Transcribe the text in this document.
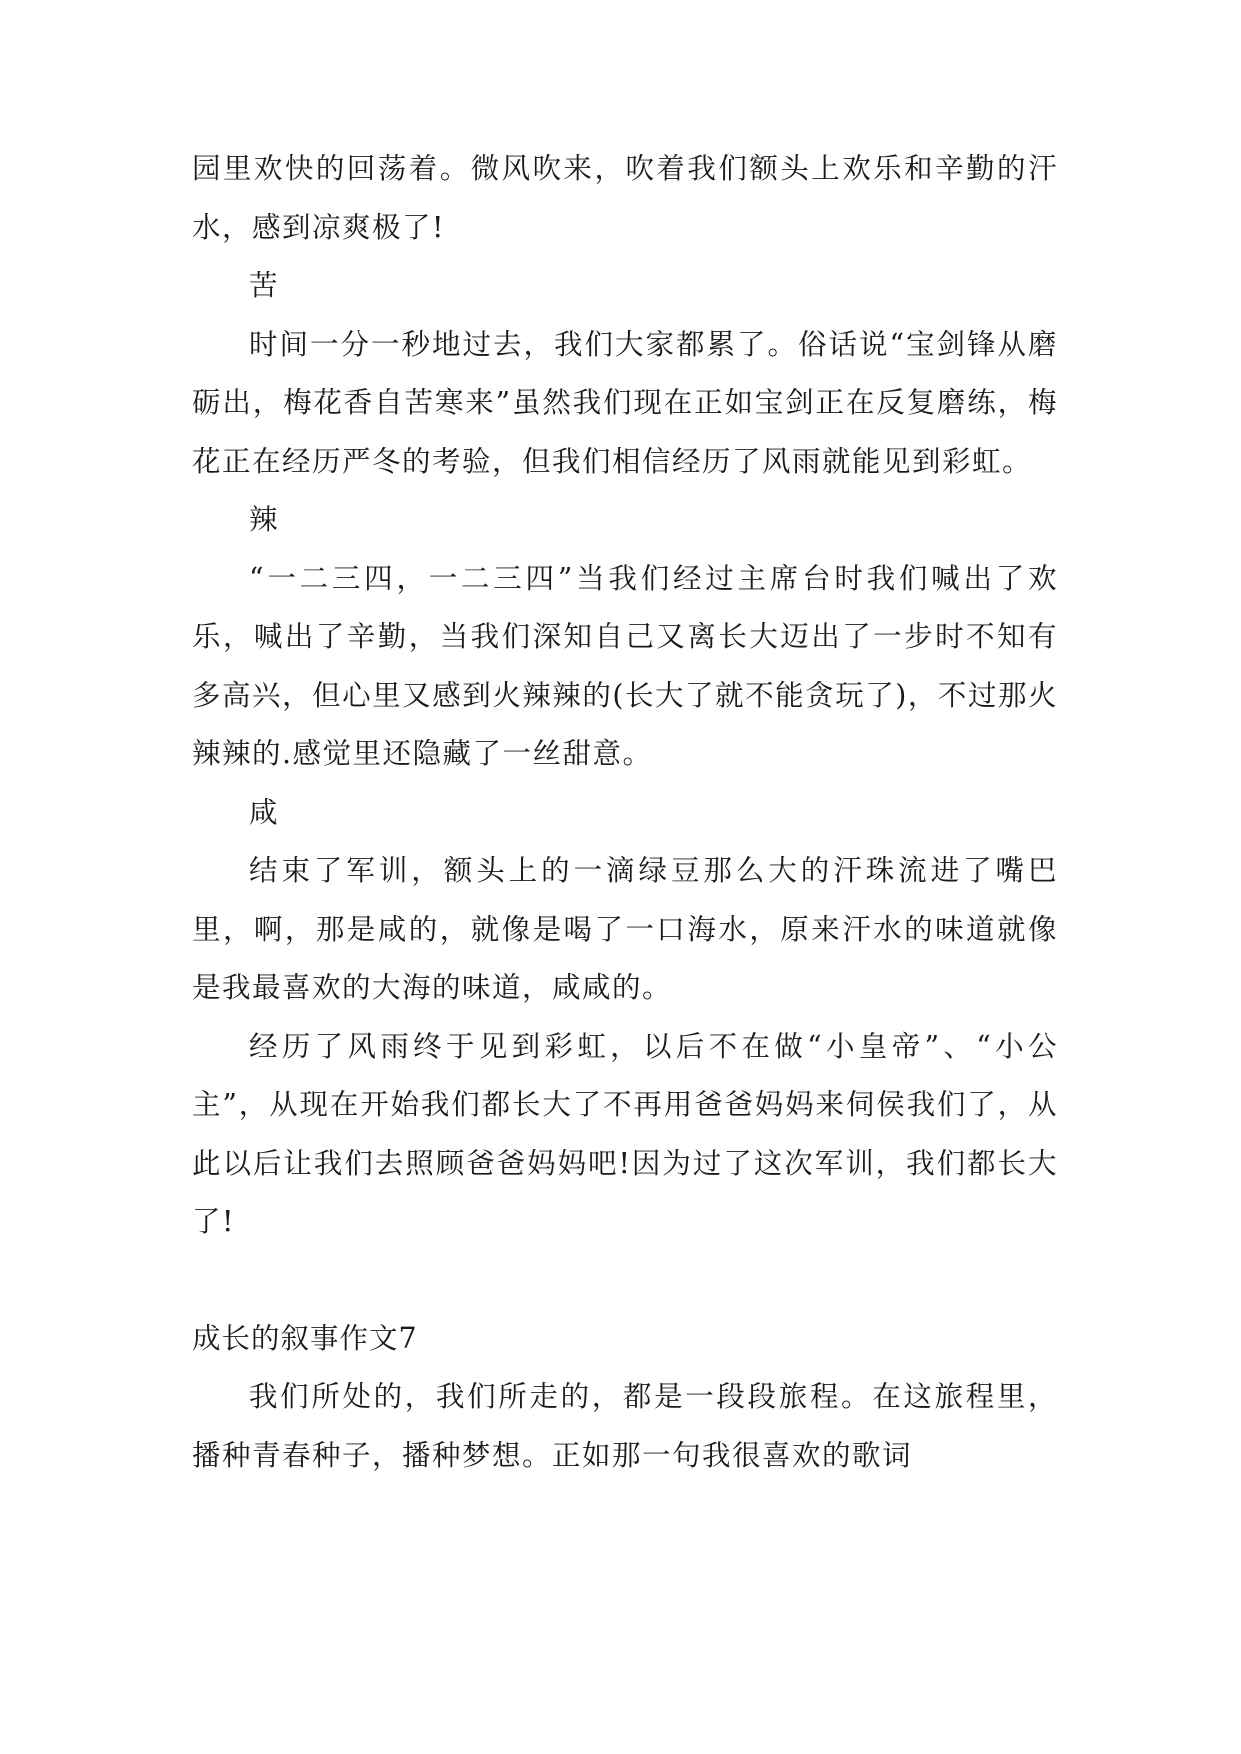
园里欢快的回荡着。微风吹来，吹着我们额头上欢乐和辛勤的汗水，感到凉爽极了!

苦

时间一分一秒地过去，我们大家都累了。俗话说“宝剑锋从磨砺出，梅花香自苦寒来”虽然我们现在正如宝剑正在反复磨练，梅花正在经历严冬的考验，但我们相信经历了风雨就能见到彩虹。

辣

“一二三四，一二三四”当我们经过主席台时我们喊出了欢乐，喊出了辛勤，当我们深知自己又离长大迈出了一步时不知有多高兴，但心里又感到火辣辣的(长大了就不能贪玩了)，不过那火辣辣的.感觉里还隐藏了一丝甜意。

咸

结束了军训，额头上的一滴绿豆那么大的汗珠流进了嘴巴里，啊，那是咸的，就像是喝了一口海水，原来汗水的味道就像是我最喜欢的大海的味道，咸咸的。

经历了风雨终于见到彩虹，以后不在做“小皇帝”、“小公主”，从现在开始我们都长大了不再用爸爸妈妈来伺侯我们了，从此以后让我们去照顾爸爸妈妈吧!因为过了这次军训，我们都长大了!

成长的叙事作文7

我们所处的，我们所走的，都是一段段旅程。在这旅程里，播种青春种子，播种梦想。正如那一句我很喜欢的歌词
